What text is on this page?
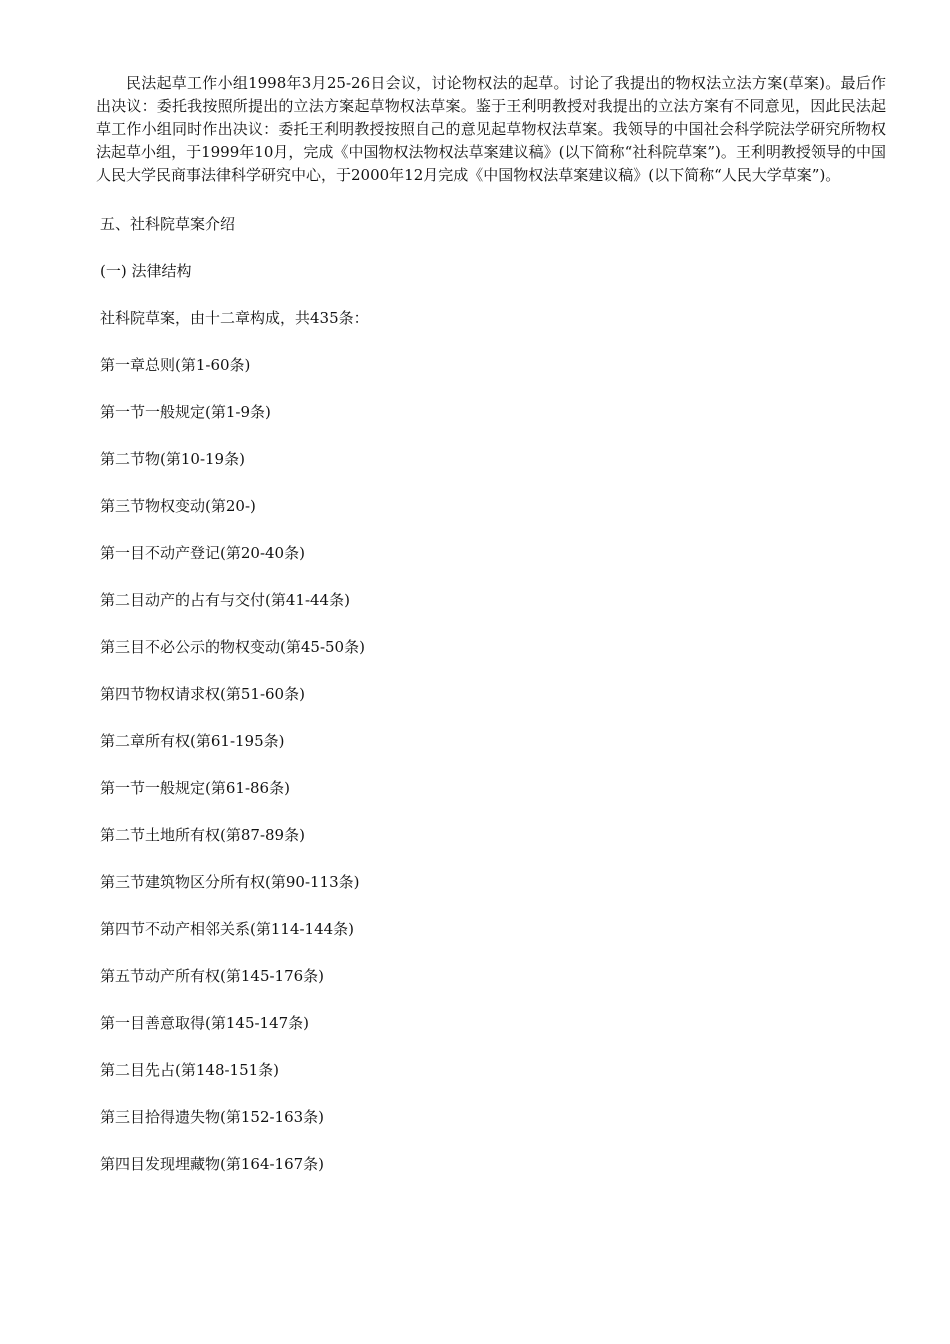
民法起草工作小组1998年3月25-26日会议，讨论物权法的起草。讨论了我提出的物权法立法方案(草案)。最后作出决议：委托我按照所提出的立法方案起草物权法草案。鉴于王利明教授对我提出的立法方案有不同意见，因此民法起草工作小组同时作出决议：委托王利明教授按照自己的意见起草物权法草案。我领导的中国社会科学院法学研究所物权法起草小组，于1999年10月，完成《中国物权法物权法草案建议稿》(以下简称“社科院草案”)。王利明教授领导的中国人民大学民商事法律科学研究中心，于2000年12月完成《中国物权法草案建议稿》(以下简称“人民大学草案”)。

五、社科院草案介绍

(一) 法律结构

社科院草案，由十二章构成，共435条：
第一章总则(第1-60条)
第一节一般规定(第1-9条)
第二节物(第10-19条)
第三节物权变动(第20-)
第一目不动产登记(第20-40条)
第二目动产的占有与交付(第41-44条)
第三目不必公示的物权变动(第45-50条)
第四节物权请求权(第51-60条)
第二章所有权(第61-195条)
第一节一般规定(第61-86条)
第二节土地所有权(第87-89条)
第三节建筑物区分所有权(第90-113条)
第四节不动产相邻关系(第114-144条)
第五节动产所有权(第145-176条)
第一目善意取得(第145-147条)
第二目先占(第148-151条)
第三目拾得遗失物(第152-163条)
第四目发现埋藏物(第164-167条)
